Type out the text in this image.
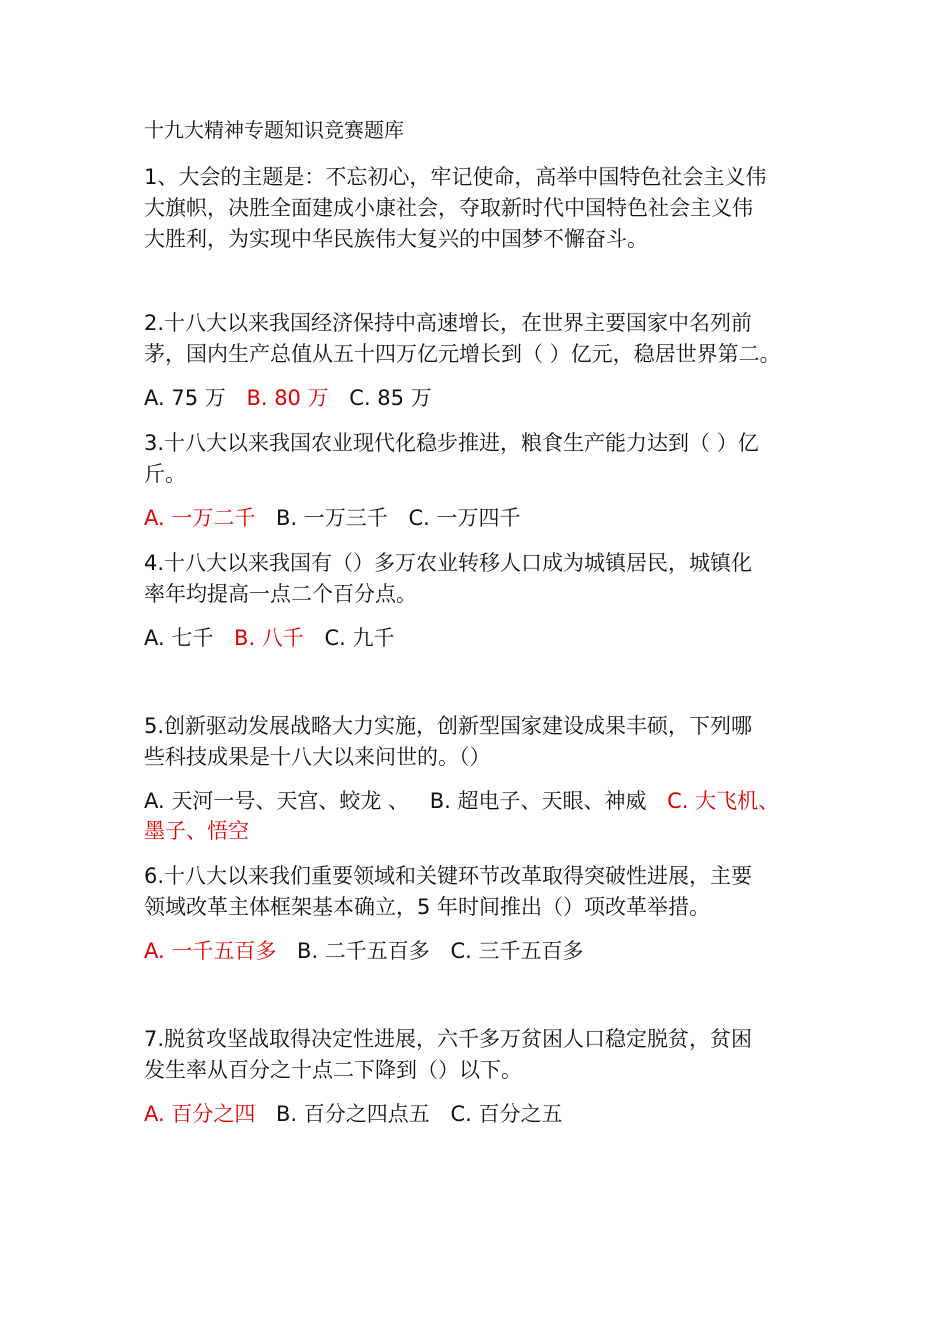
十九大精神专题知识竞赛题库
1、大会的主题是：不忘初心，牢记使命，高举中国特色社会主义伟
大旗帜，决胜全面建成小康社会，夺取新时代中国特色社会主义伟
大胜利，为实现中华民族伟大复兴的中国梦不懈奋斗。
2.十八大以来我国经济保持中高速增长，在世界主要国家中名列前
茅，国内生产总值从五十四万亿元增长到（ ）亿元，稳居世界第二。
A. 75 万 B. 80 万 C. 85 万
3.十八大以来我国农业现代化稳步推进，粮食生产能力达到（ ）亿
斤。
A. 一万二千 B. 一万三千 C. 一万四千
4.十八大以来我国有（）多万农业转移人口成为城镇居民，城镇化
率年均提高一点二个百分点。
A. 七千 B. 八千 C. 九千
5.创新驱动发展战略大力实施，创新型国家建设成果丰硕，下列哪
些科技成果是十八大以来问世的。（）
A. 天河一号、天宫、蛟龙 、 B. 超电子、天眼、神威 C. 大飞机、
墨子、悟空
6.十八大以来我们重要领域和关键环节改革取得突破性进展，主要
领域改革主体框架基本确立，5 年时间推出（）项改革举措。
A. 一千五百多 B. 二千五百多 C. 三千五百多
7.脱贫攻坚战取得决定性进展，六千多万贫困人口稳定脱贫，贫困
发生率从百分之十点二下降到（）以下。
A. 百分之四 B. 百分之四点五 C. 百分之五
